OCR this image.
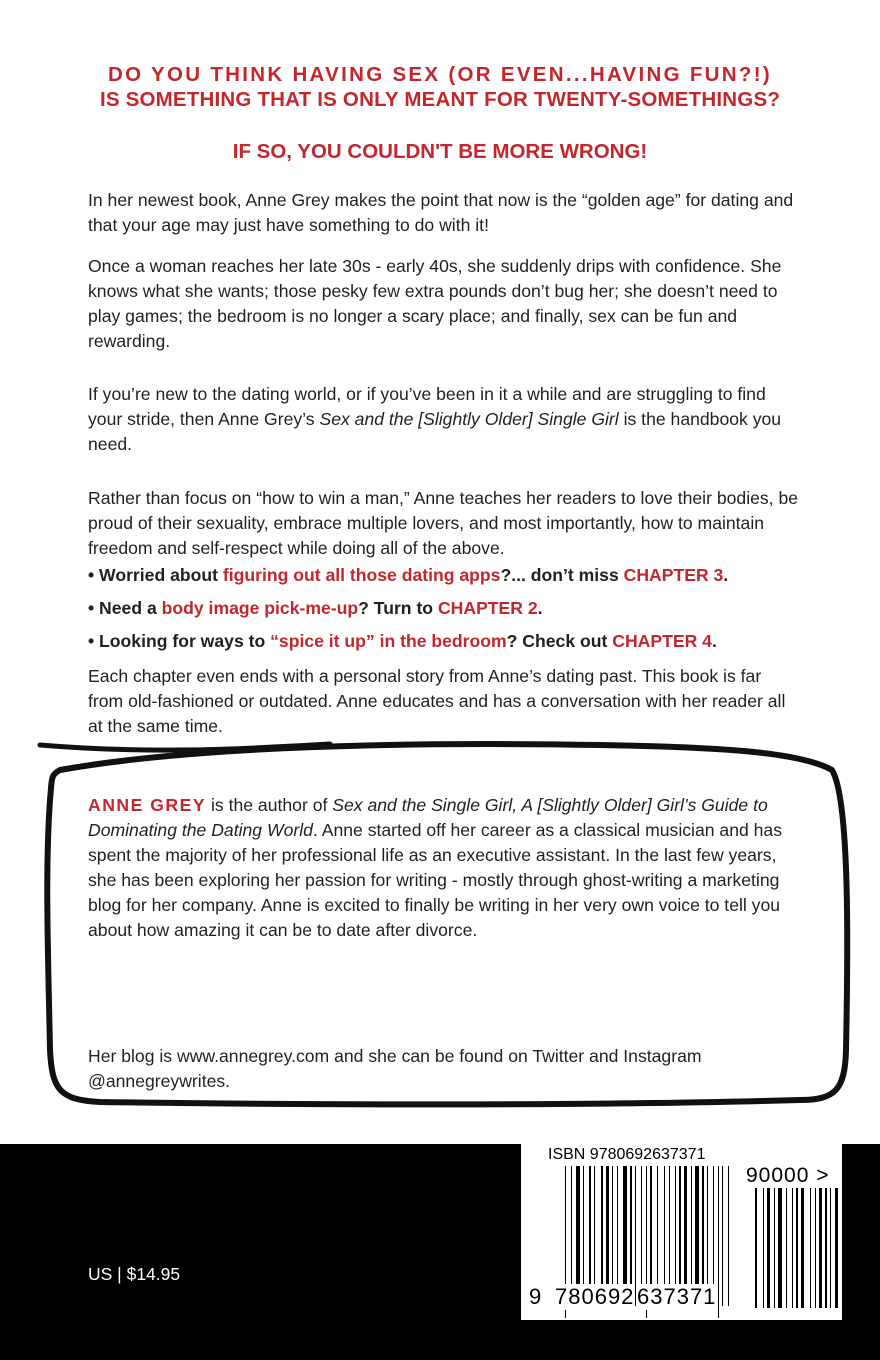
DO YOU THINK HAVING SEX (OR EVEN...HAVING FUN?!)
IS SOMETHING THAT IS ONLY MEANT FOR TWENTY-SOMETHINGS?
IF SO, YOU COULDN'T BE MORE WRONG!

In her newest book, Anne Grey makes the point that now is the “golden age” for dating and that your age may just have something to do with it!

Once a woman reaches her late 30s - early 40s, she suddenly drips with confidence. She knows what she wants; those pesky few extra pounds don’t bug her; she doesn’t need to play games; the bedroom is no longer a scary place; and finally, sex can be fun and rewarding.

If you’re new to the dating world, or if you’ve been in it a while and are struggling to find your stride, then Anne Grey’s Sex and the [Slightly Older] Single Girl is the handbook you need.

Rather than focus on “how to win a man,” Anne teaches her readers to love their bodies, be proud of their sexuality, embrace multiple lovers, and most importantly, how to maintain freedom and self-respect while doing all of the above.

• Worried about figuring out all those dating apps?... don’t miss CHAPTER 3.
• Need a body image pick-me-up? Turn to CHAPTER 2.
• Looking for ways to “spice it up” in the bedroom? Check out CHAPTER 4.

Each chapter even ends with a personal story from Anne’s dating past. This book is far from old-fashioned or outdated. Anne educates and has a conversation with her reader all at the same time.

ANNE GREY is the author of Sex and the Single Girl, A [Slightly Older] Girl’s Guide to Dominating the Dating World. Anne started off her career as a classical musician and has spent the majority of her professional life as an executive assistant. In the last few years, she has been exploring her passion for writing - mostly through ghost-writing a marketing blog for her company. Anne is excited to finally be writing in her very own voice to tell you about how amazing it can be to date after divorce.
Her blog is www.annegrey.com and she can be found on Twitter and Instagram @annegreywrites.
US | $14.95
ISBN 9780692637371
90000 >
9 780692 637371
